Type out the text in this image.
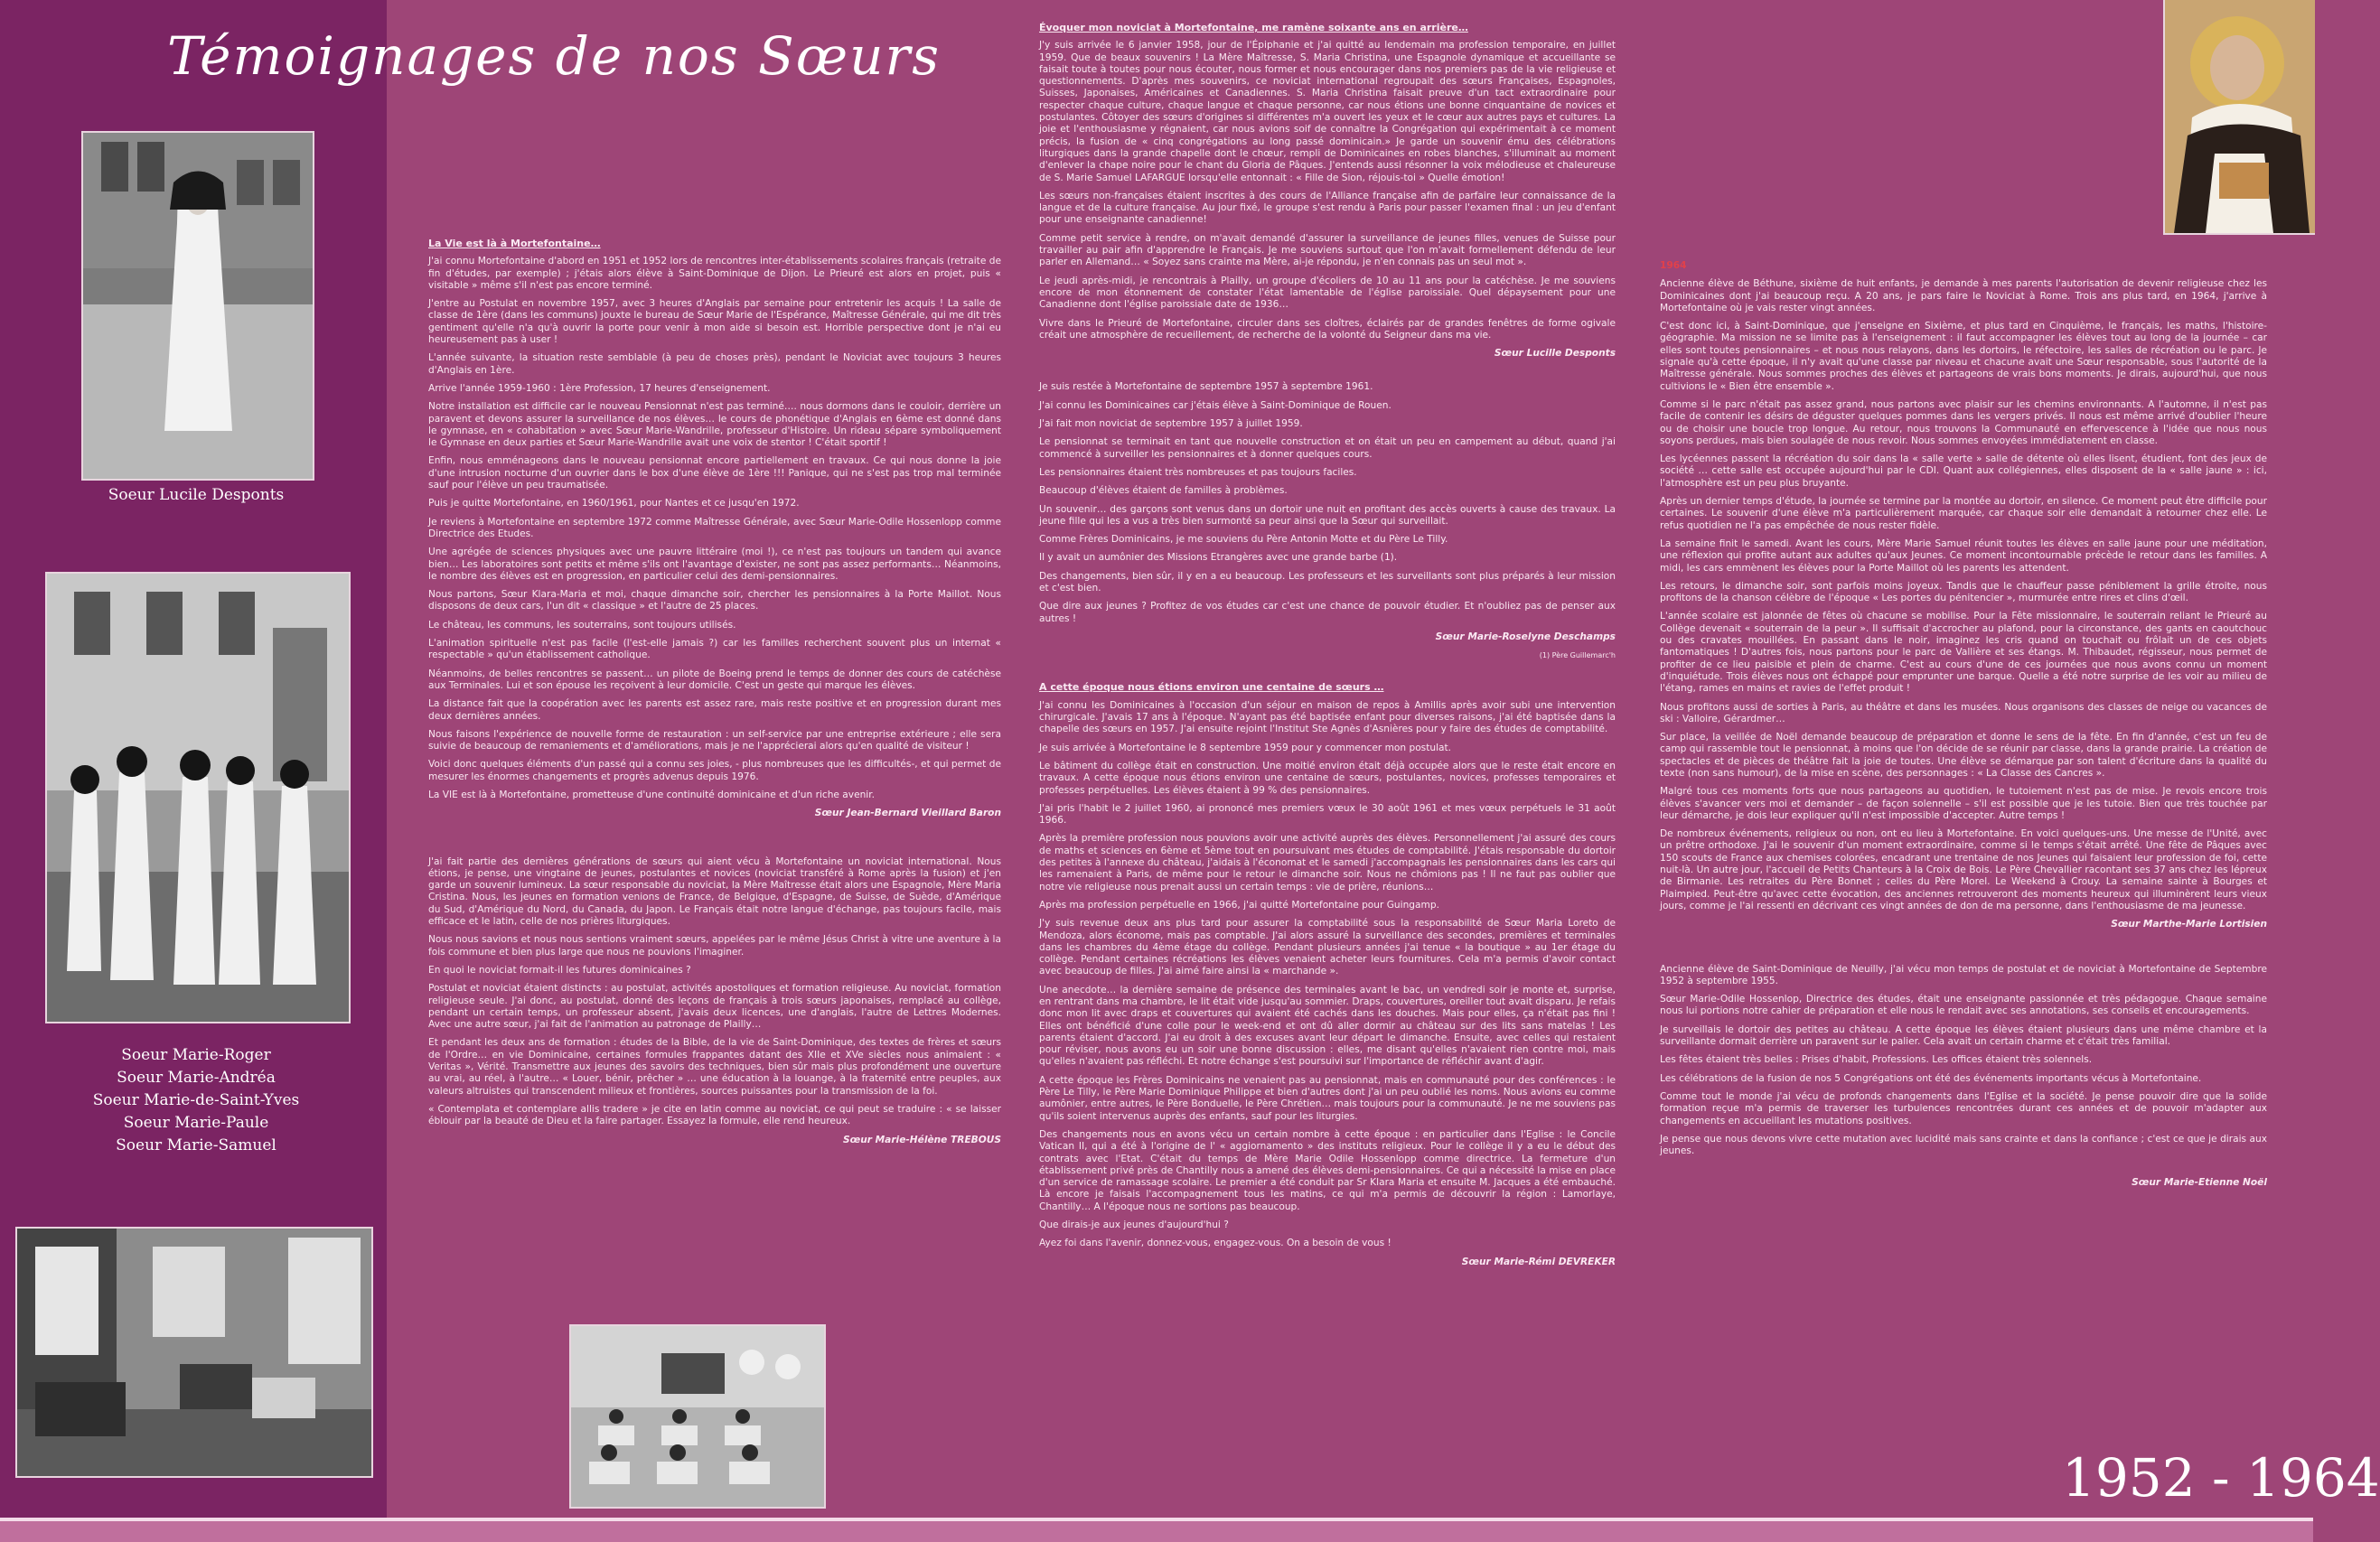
Témoignages de nos Sœurs
Soeur Lucile Desponts
Soeur Marie-Roger
Soeur Marie-Andréa
Soeur Marie-de-Saint-Yves
Soeur Marie-Paule
Soeur Marie-Samuel

La Vie est là à Mortefontaine…

J'ai connu Mortefontaine d'abord en 1951 et 1952 lors de rencontres inter-établissements scolaires français (retraite de fin d'études, par exemple) ; j'étais alors élève à Saint-Dominique de Dijon. Le Prieuré est alors en projet, puis « visitable » même s'il n'est pas encore terminé.

J'entre au Postulat en novembre 1957, avec 3 heures d'Anglais par semaine pour entretenir les acquis ! La salle de classe de 1ère (dans les communs) jouxte le bureau de Sœur Marie de l'Espérance, Maîtresse Générale, qui me dit très gentiment qu'elle n'a qu'à ouvrir la porte pour venir à mon aide si besoin est. Horrible perspective dont je n'ai eu heureusement pas à user !

L'année suivante, la situation reste semblable (à peu de choses près), pendant le Noviciat avec toujours 3 heures d'Anglais en 1ère.

Arrive l'année 1959-1960 : 1ère Profession, 17 heures d'enseignement.

Notre installation est difficile car le nouveau Pensionnat n'est pas terminé…. nous dormons dans le couloir, derrière un paravent et devons assurer la surveillance de nos élèves… le cours de phonétique d'Anglais en 6ème est donné dans le gymnase, en « cohabitation » avec Sœur Marie-Wandrille, professeur d'Histoire. Un rideau sépare symboliquement le Gymnase en deux parties et Sœur Marie-Wandrille avait une voix de stentor ! C'était sportif !

Enfin, nous emménageons dans le nouveau pensionnat encore partiellement en travaux. Ce qui nous donne la joie d'une intrusion nocturne d'un ouvrier dans le box d'une élève de 1ère !!! Panique, qui ne s'est pas trop mal terminée sauf pour l'élève un peu traumatisée.

Puis je quitte Mortefontaine, en 1960/1961, pour Nantes et ce jusqu'en 1972.

Je reviens à Mortefontaine en septembre 1972 comme Maîtresse Générale, avec Sœur Marie-Odile Hossenlopp comme Directrice des Etudes.

Une agrégée de sciences physiques avec une pauvre littéraire (moi !), ce n'est pas toujours un tandem qui avance bien… Les laboratoires sont petits et même s'ils ont l'avantage d'exister, ne sont pas assez performants… Néanmoins, le nombre des élèves est en progression, en particulier celui des demi-pensionnaires.

Nous partons, Sœur Klara-Maria et moi, chaque dimanche soir, chercher les pensionnaires à la Porte Maillot. Nous disposons de deux cars, l'un dit « classique » et l'autre de 25 places.

Le château, les communs, les souterrains, sont toujours utilisés.

L'animation spirituelle n'est pas facile (l'est-elle jamais ?) car les familles recherchent souvent plus un internat « respectable » qu'un établissement catholique.

Néanmoins, de belles rencontres se passent… un pilote de Boeing prend le temps de donner des cours de catéchèse aux Terminales. Lui et son épouse les reçoivent à leur domicile. C'est un geste qui marque les élèves.

La distance fait que la coopération avec les parents est assez rare, mais reste positive et en progression durant mes deux dernières années.

Nous faisons l'expérience de nouvelle forme de restauration : un self-service par une entreprise extérieure ; elle sera suivie de beaucoup de remaniements et d'améliorations, mais je ne l'apprécierai alors qu'en qualité de visiteur !

Voici donc quelques éléments d'un passé qui a connu ses joies, - plus nombreuses que les difficultés-, et qui permet de mesurer les énormes changements et progrès advenus depuis 1976.

La VIE est là à Mortefontaine, prometteuse d'une continuité dominicaine et d'un riche avenir.

Sœur Jean-Bernard Vieillard Baron

J'ai fait partie des dernières générations de sœurs qui aient vécu à Mortefontaine un noviciat international. Nous étions, je pense, une vingtaine de jeunes, postulantes et novices (noviciat transféré à Rome après la fusion) et j'en garde un souvenir lumineux. La sœur responsable du noviciat, la Mère Maîtresse était alors une Espagnole, Mère Maria Cristina. Nous, les jeunes en formation venions de France, de Belgique, d'Espagne, de Suisse, de Suède, d'Amérique du Sud, d'Amérique du Nord, du Canada, du Japon. Le Français était notre langue d'échange, pas toujours facile, mais efficace et le latin, celle de nos prières liturgiques.

Nous nous savions et nous nous sentions vraiment sœurs, appelées par le même Jésus Christ à vitre une aventure à la fois commune et bien plus large que nous ne pouvions l'imaginer.

En quoi le noviciat formait-il les futures dominicaines ?

Postulat et noviciat étaient distincts : au postulat, activités apostoliques et formation religieuse. Au noviciat, formation religieuse seule. J'ai donc, au postulat, donné des leçons de français à trois sœurs japonaises, remplacé au collège, pendant un certain temps, un professeur absent, j'avais deux licences, une d'anglais, l'autre de Lettres Modernes. Avec une autre sœur, j'ai fait de l'animation au patronage de Plailly…

Et pendant les deux ans de formation : études de la Bible, de la vie de Saint-Dominique, des textes de frères et sœurs de l'Ordre… en vie Dominicaine, certaines formules frappantes datant des XIIe et XVe siècles nous animaient : « Veritas », Vérité. Transmettre aux jeunes des savoirs des techniques, bien sûr mais plus profondément une ouverture au vrai, au réel, à l'autre… « Louer, bénir, prêcher » … une éducation à la louange, à la fraternité entre peuples, aux valeurs altruistes qui transcendent milieux et frontières, sources puissantes pour la transmission de la foi.

« Contemplata et contemplare allis tradere » je cite en latin comme au noviciat, ce qui peut se traduire : « se laisser éblouir par la beauté de Dieu et la faire partager. Essayez la formule, elle rend heureux.

Sœur Marie-Hélène TREBOUS

Évoquer mon noviciat à Mortefontaine, me ramène soixante ans en arrière…

J'y suis arrivée le 6 janvier 1958, jour de l'Épiphanie et j'ai quitté au lendemain ma profession temporaire, en juillet 1959. Que de beaux souvenirs ! La Mère Maîtresse, S. Maria Christina, une Espagnole dynamique et accueillante se faisait toute à toutes pour nous écouter, nous former et nous encourager dans nos premiers pas de la vie religieuse et questionnements. D'après mes souvenirs, ce noviciat international regroupait des sœurs Françaises, Espagnoles, Suisses, Japonaises, Américaines et Canadiennes. S. Maria Christina faisait preuve d'un tact extraordinaire pour respecter chaque culture, chaque langue et chaque personne, car nous étions une bonne cinquantaine de novices et postulantes. Côtoyer des sœurs d'origines si différentes m'a ouvert les yeux et le cœur aux autres pays et cultures. La joie et l'enthousiasme y régnaient, car nous avions soif de connaître la Congrégation qui expérimentait à ce moment précis, la fusion de « cinq congrégations au long passé dominicain.» Je garde un souvenir ému des célébrations liturgiques dans la grande chapelle dont le chœur, rempli de Dominicaines en robes blanches, s'illuminait au moment d'enlever la chape noire pour le chant du Gloria de Pâques. J'entends aussi résonner la voix mélodieuse et chaleureuse de S. Marie Samuel LAFARGUE lorsqu'elle entonnait : « Fille de Sion, réjouis-toi » Quelle émotion!

Les sœurs non-françaises étaient inscrites à des cours de l'Alliance française afin de parfaire leur connaissance de la langue et de la culture française. Au jour fixé, le groupe s'est rendu à Paris pour passer l'examen final : un jeu d'enfant pour une enseignante canadienne!

Comme petit service à rendre, on m'avait demandé d'assurer la surveillance de jeunes filles, venues de Suisse pour travailler au pair afin d'apprendre le Français. Je me souviens surtout que l'on m'avait formellement défendu de leur parler en Allemand… « Soyez sans crainte ma Mère, ai-je répondu, je n'en connais pas un seul mot ».

Le jeudi après-midi, je rencontrais à Plailly, un groupe d'écoliers de 10 au 11 ans pour la catéchèse. Je me souviens encore de mon étonnement de constater l'état lamentable de l'église paroissiale. Quel dépaysement pour une Canadienne dont l'église paroissiale date de 1936…

Vivre dans le Prieuré de Mortefontaine, circuler dans ses cloîtres, éclairés par de grandes fenêtres de forme ogivale créait une atmosphère de recueillement, de recherche de la volonté du Seigneur dans ma vie.

Sœur Lucille Desponts

Je suis restée à Mortefontaine de septembre 1957 à septembre 1961.

J'ai connu les Dominicaines car j'étais élève à Saint-Dominique de Rouen.

J'ai fait mon noviciat de septembre 1957 à juillet 1959.

Le pensionnat se terminait en tant que nouvelle construction et on était un peu en campement au début, quand j'ai commencé à surveiller les pensionnaires et à donner quelques cours.

Les pensionnaires étaient très nombreuses et pas toujours faciles.

Beaucoup d'élèves étaient de familles à problèmes.

Un souvenir… des garçons sont venus dans un dortoir une nuit en profitant des accès ouverts à cause des travaux. La jeune fille qui les a vus a très bien surmonté sa peur ainsi que la Sœur qui surveillait.

Comme Frères Dominicains, je me souviens du Père Antonin Motte et du Père Le Tilly.

Il y avait un aumônier des Missions Etrangères avec une grande barbe (1).

Des changements, bien sûr, il y en a eu beaucoup. Les professeurs et les surveillants sont plus préparés à leur mission et c'est bien.

Que dire aux jeunes ? Profitez de vos études car c'est une chance de pouvoir étudier. Et n'oubliez pas de penser aux autres !

Sœur Marie-Roselyne Deschamps

(1) Père Guillemarc'h

A cette époque nous étions environ une centaine de sœurs …

J'ai connu les Dominicaines à l'occasion d'un séjour en maison de repos à Amillis après avoir subi une intervention chirurgicale. J'avais 17 ans à l'époque. N'ayant pas été baptisée enfant pour diverses raisons, j'ai été baptisée dans la chapelle des sœurs en 1957. J'ai ensuite rejoint l'Institut Ste Agnès d'Asnières pour y faire des études de comptabilité.

Je suis arrivée à Mortefontaine le 8 septembre 1959 pour y commencer mon postulat.

Le bâtiment du collège était en construction. Une moitié environ était déjà occupée alors que le reste était encore en travaux. A cette époque nous étions environ une centaine de sœurs, postulantes, novices, professes temporaires et professes perpétuelles. Les élèves étaient à 99 % des pensionnaires.

J'ai pris l'habit le 2 juillet 1960, ai prononcé mes premiers vœux le 30 août 1961 et mes vœux perpétuels le 31 août 1966.

Après la première profession nous pouvions avoir une activité auprès des élèves. Personnellement j'ai assuré des cours de maths et sciences en 6ème et 5ème tout en poursuivant mes études de comptabilité. J'étais responsable du dortoir des petites à l'annexe du château, j'aidais à l'économat et le samedi j'accompagnais les pensionnaires dans les cars qui les ramenaient à Paris, de même pour le retour le dimanche soir. Nous ne chômions pas ! Il ne faut pas oublier que notre vie religieuse nous prenait aussi un certain temps : vie de prière, réunions…

Après ma profession perpétuelle en 1966, j'ai quitté Mortefontaine pour Guingamp.

J'y suis revenue deux ans plus tard pour assurer la comptabilité sous la responsabilité de Sœur Maria Loreto de Mendoza, alors économe, mais pas comptable. J'ai alors assuré la surveillance des secondes, premières et terminales dans les chambres du 4ème étage du collège. Pendant plusieurs années j'ai tenue « la boutique » au 1er étage du collège. Pendant certaines récréations les élèves venaient acheter leurs fournitures. Cela m'a permis d'avoir contact avec beaucoup de filles. J'ai aimé faire ainsi la « marchande ».

Une anecdote… la dernière semaine de présence des terminales avant le bac, un vendredi soir je monte et, surprise, en rentrant dans ma chambre, le lit était vide jusqu'au sommier. Draps, couvertures, oreiller tout avait disparu. Je refais donc mon lit avec draps et couvertures qui avaient été cachés dans les douches. Mais pour elles, ça n'était pas fini ! Elles ont bénéficié d'une colle pour le week-end et ont dû aller dormir au château sur des lits sans matelas ! Les parents étaient d'accord. J'ai eu droit à des excuses avant leur départ le dimanche. Ensuite, avec celles qui restaient pour réviser, nous avons eu un soir une bonne discussion : elles, me disant qu'elles n'avaient rien contre moi, mais qu'elles n'avaient pas réfléchi. Et notre échange s'est poursuivi sur l'importance de réfléchir avant d'agir.

A cette époque les Frères Dominicains ne venaient pas au pensionnat, mais en communauté pour des conférences : le Père Le Tilly, le Père Marie Dominique Philippe et bien d'autres dont j'ai un peu oublié les noms. Nous avions eu comme aumônier, entre autres, le Père Bonduelle, le Père Chrétien… mais toujours pour la communauté. Je ne me souviens pas qu'ils soient intervenus auprès des enfants, sauf pour les liturgies.

Des changements nous en avons vécu un certain nombre à cette époque : en particulier dans l'Eglise : le Concile Vatican II, qui a été à l'origine de l' « aggiornamento » des instituts religieux. Pour le collège il y a eu le début des contrats avec l'Etat. C'était du temps de Mère Marie Odile Hossenlopp comme directrice. La fermeture d'un établissement privé près de Chantilly nous a amené des élèves demi-pensionnaires. Ce qui a nécessité la mise en place d'un service de ramassage scolaire. Le premier a été conduit par Sr Klara Maria et ensuite M. Jacques a été embauché. Là encore je faisais l'accompagnement tous les matins, ce qui m'a permis de découvrir la région : Lamorlaye, Chantilly… A l'époque nous ne sortions pas beaucoup.

Que dirais-je aux jeunes d'aujourd'hui ?

Ayez foi dans l'avenir, donnez-vous, engagez-vous. On a besoin de vous !

Sœur Marie-Rémi DEVREKER

1964

Ancienne élève de Béthune, sixième de huit enfants, je demande à mes parents l'autorisation de devenir religieuse chez les Dominicaines dont j'ai beaucoup reçu. A 20 ans, je pars faire le Noviciat à Rome. Trois ans plus tard, en 1964, j'arrive à Mortefontaine où je vais rester vingt années.

C'est donc ici, à Saint-Dominique, que j'enseigne en Sixième, et plus tard en Cinquième, le français, les maths, l'histoire-géographie. Ma mission ne se limite pas à l'enseignement : il faut accompagner les élèves tout au long de la journée – car elles sont toutes pensionnaires – et nous nous relayons, dans les dortoirs, le réfectoire, les salles de récréation ou le parc. Je signale qu'à cette époque, il n'y avait qu'une classe par niveau et chacune avait une Sœur responsable, sous l'autorité de la Maîtresse générale. Nous sommes proches des élèves et partageons de vrais bons moments. Je dirais, aujourd'hui, que nous cultivions le « Bien être ensemble ».

Comme si le parc n'était pas assez grand, nous partons avec plaisir sur les chemins environnants. A l'automne, il n'est pas facile de contenir les désirs de déguster quelques pommes dans les vergers privés. Il nous est même arrivé d'oublier l'heure ou de choisir une boucle trop longue. Au retour, nous trouvons la Communauté en effervescence à l'idée que nous nous soyons perdues, mais bien soulagée de nous revoir. Nous sommes envoyées immédiatement en classe.

Les lycéennes passent la récréation du soir dans la « salle verte » salle de détente où elles lisent, étudient, font des jeux de société … cette salle est occupée aujourd'hui par le CDI. Quant aux collégiennes, elles disposent de la « salle jaune » : ici, l'atmosphère est un peu plus bruyante.

Après un dernier temps d'étude, la journée se termine par la montée au dortoir, en silence. Ce moment peut être difficile pour certaines. Le souvenir d'une élève m'a particulièrement marquée, car chaque soir elle demandait à retourner chez elle. Le refus quotidien ne l'a pas empêchée de nous rester fidèle.

La semaine finit le samedi. Avant les cours, Mère Marie Samuel réunit toutes les élèves en salle jaune pour une méditation, une réflexion qui profite autant aux adultes qu'aux Jeunes. Ce moment incontournable précède le retour dans les familles. A midi, les cars emmènent les élèves pour la Porte Maillot où les parents les attendent.

Les retours, le dimanche soir, sont parfois moins joyeux. Tandis que le chauffeur passe péniblement la grille étroite, nous profitons de la chanson célèbre de l'époque « Les portes du pénitencier », murmurée entre rires et clins d'œil.

L'année scolaire est jalonnée de fêtes où chacune se mobilise. Pour la Fête missionnaire, le souterrain reliant le Prieuré au Collège devenait « souterrain de la peur ». Il suffisait d'accrocher au plafond, pour la circonstance, des gants en caoutchouc ou des cravates mouillées. En passant dans le noir, imaginez les cris quand on touchait ou frôlait un de ces objets fantomatiques ! D'autres fois, nous partons pour le parc de Vallière et ses étangs. M. Thibaudet, régisseur, nous permet de profiter de ce lieu paisible et plein de charme. C'est au cours d'une de ces journées que nous avons connu un moment d'inquiétude. Trois élèves nous ont échappé pour emprunter une barque. Quelle a été notre surprise de les voir au milieu de l'étang, rames en mains et ravies de l'effet produit !

Nous profitons aussi de sorties à Paris, au théâtre et dans les musées. Nous organisons des classes de neige ou vacances de ski : Valloire, Gérardmer…

Sur place, la veillée de Noël demande beaucoup de préparation et donne le sens de la fête. En fin d'année, c'est un feu de camp qui rassemble tout le pensionnat, à moins que l'on décide de se réunir par classe, dans la grande prairie. La création de spectacles et de pièces de théâtre fait la joie de toutes. Une élève se démarque par son talent d'écriture dans la qualité du texte (non sans humour), de la mise en scène, des personnages : « La Classe des Cancres ».

Malgré tous ces moments forts que nous partageons au quotidien, le tutoiement n'est pas de mise. Je revois encore trois élèves s'avancer vers moi et demander – de façon solennelle – s'il est possible que je les tutoie. Bien que très touchée par leur démarche, je dois leur expliquer qu'il n'est impossible d'accepter. Autre temps !

De nombreux événements, religieux ou non, ont eu lieu à Mortefontaine. En voici quelques-uns. Une messe de l'Unité, avec un prêtre orthodoxe. J'ai le souvenir d'un moment extraordinaire, comme si le temps s'était arrêté. Une fête de Pâques avec 150 scouts de France aux chemises colorées, encadrant une trentaine de nos Jeunes qui faisaient leur profession de foi, cette nuit-là. Un autre jour, l'accueil de Petits Chanteurs à la Croix de Bois. Le Père Chevallier racontant ses 37 ans chez les lépreux de Birmanie. Les retraites du Père Bonnet ; celles du Père Morel. Le Weekend à Crouy. La semaine sainte à Bourges et Plaimpied. Peut-être qu'avec cette évocation, des anciennes retrouveront des moments heureux qui illuminèrent leurs vieux jours, comme je l'ai ressenti en décrivant ces vingt années de don de ma personne, dans l'enthousiasme de ma jeunesse.

Sœur Marthe-Marie Lortisien

Ancienne élève de Saint-Dominique de Neuilly, j'ai vécu mon temps de postulat et de noviciat à Mortefontaine de Septembre 1952 à septembre 1955.

Sœur Marie-Odile Hossenlop, Directrice des études, était une enseignante passionnée et très pédagogue. Chaque semaine nous lui portions notre cahier de préparation et elle nous le rendait avec ses annotations, ses conseils et encouragements.

Je surveillais le dortoir des petites au château. A cette époque les élèves étaient plusieurs dans une même chambre et la surveillante dormait derrière un paravent sur le palier. Cela avait un certain charme et c'était très familial.

Les fêtes étaient très belles : Prises d'habit, Professions. Les offices étaient très solennels.

Les célébrations de la fusion de nos 5 Congrégations ont été des événements importants vécus à Mortefontaine.

Comme tout le monde j'ai vécu de profonds changements dans l'Eglise et la société. Je pense pouvoir dire que la solide formation reçue m'a permis de traverser les turbulences rencontrées durant ces années et de pouvoir m'adapter aux changements en accueillant les mutations positives.

Je pense que nous devons vivre cette mutation avec lucidité mais sans crainte et dans la confiance ; c'est ce que je dirais aux jeunes.

Sœur Marie-Etienne Noël

1952 - 1964
